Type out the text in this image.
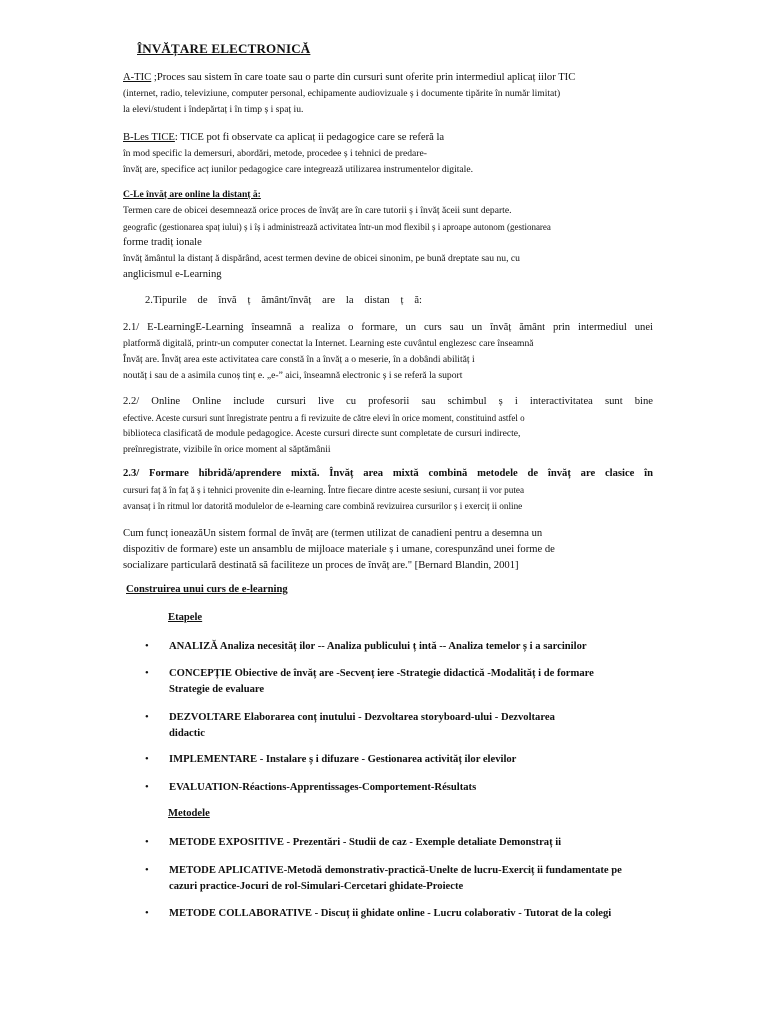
ÎNVĂȚARE ELECTRONICĂ
A-TIC ;Proces sau sistem în care toate sau o parte din cursuri sunt oferite prin intermediul aplicaț iilor TIC
(internet, radio, televiziune, computer personal, echipamente audiovizuale ș i documente tipărite în număr limitat)
la elevi/student i îndepărtaț i în timp ș i spaț iu.
B-Les TICE: TICE pot fi observate ca aplicaț ii pedagogice care se referă la
în mod specific la demersuri, abordări, metode, procedee ș i tehnici de predare-
învăț are, specifice acț iunilor pedagogice care integrează utilizarea instrumentelor digitale.
C-Le învăț are online la distanț ă:
Termen care de obicei desemnează orice proces de învăț are în care tutorii ș i învăț ăceii sunt departe.
geografic (gestionarea spaț iului) ș i îș i administrează activitatea într-un mod flexibil ș i aproape autonom (gestionarea
forme tradiț ionale
învăț ământul la distanț ă dispărând, acest termen devine de obicei sinonim, pe bună dreptate sau nu, cu
anglicismul e-Learning
2.Tipurile de învă ț ământ/învăț are la distan ț ă:
2.1/ E-LearningE-Learning înseamnă a realiza o formare, un curs sau un învăț ământ prin intermediul unei
platformă digitală, printr-un computer conectat la Internet. Learning este cuvântul englezesc care înseamnă
Învăț are. Învăț area este activitatea care constă în a învăț a o meserie, în a dobândi abilităț i
noutăț i sau de a asimila cunoș tinț e. „e-” aici, înseamnă electronic ș i se referă la suport
2.2/ Online Online include cursuri live cu profesorii sau schimbul ș i interactivitatea sunt bine
efective. Aceste cursuri sunt înregistrate pentru a fi revizuite de către elevi în orice moment, constituind astfel o
biblioteca clasificată de module pedagogice. Aceste cursuri directe sunt completate de cursuri indirecte,
preînregistrate, vizibile în orice moment al săptămânii
2.3/ Formare hibridă/aprendere mixtă. Învăț area mixtă combină metodele de învăț are clasice în
cursuri faț ă în faț ă ș i tehnici provenite din e-learning. Între fiecare dintre aceste sesiuni, cursanț ii vor putea
avansaț i în ritmul lor datorită modulelor de e-learning care combină revizuirea cursurilor ș i exerciț ii online
Cum funcț ioneazăUn sistem formal de învăț are (termen utilizat de canadieni pentru a desemna un
dispozitiv de formare) este un ansamblu de mijloace materiale ș i umane, corespunzând unei forme de
socializare particulară destinată să faciliteze un proces de învăț are." [Bernard Blandin, 2001]
Construirea unui curs de e-learning
Etapele
• ANALIZĂ Analiza necesităț ilor -- Analiza publicului ț intă -- Analiza temelor ș i a sarcinilor
• CONCEPȚIE Obiective de învăț are -Secvenț iere -Strategie didactică -Modalităț i de formare
Strategie de evaluare
• DEZVOLTARE Elaborarea conț inutului - Dezvoltarea storyboard-ului - Dezvoltarea
didactic
• IMPLEMENTARE - Instalare ș i difuzare - Gestionarea activităț ilor elevilor
• EVALUATION-Réactions-Apprentissages-Comportement-Résultats
Metodele
• METODE EXPOSITIVE - Prezentări - Studii de caz - Exemple detaliate Demonstraț ii
• METODE APLICATIVE-Metodă demonstrativ-practică-Unelte de lucru-Exerciț ii fundamentate pe
cazuri practice-Jocuri de rol-Simulari-Cercetari ghidate-Proiecte
• METODE COLLABORATIVE - Discuț ii ghidate online - Lucru colaborativ - Tutorat de la colegi
